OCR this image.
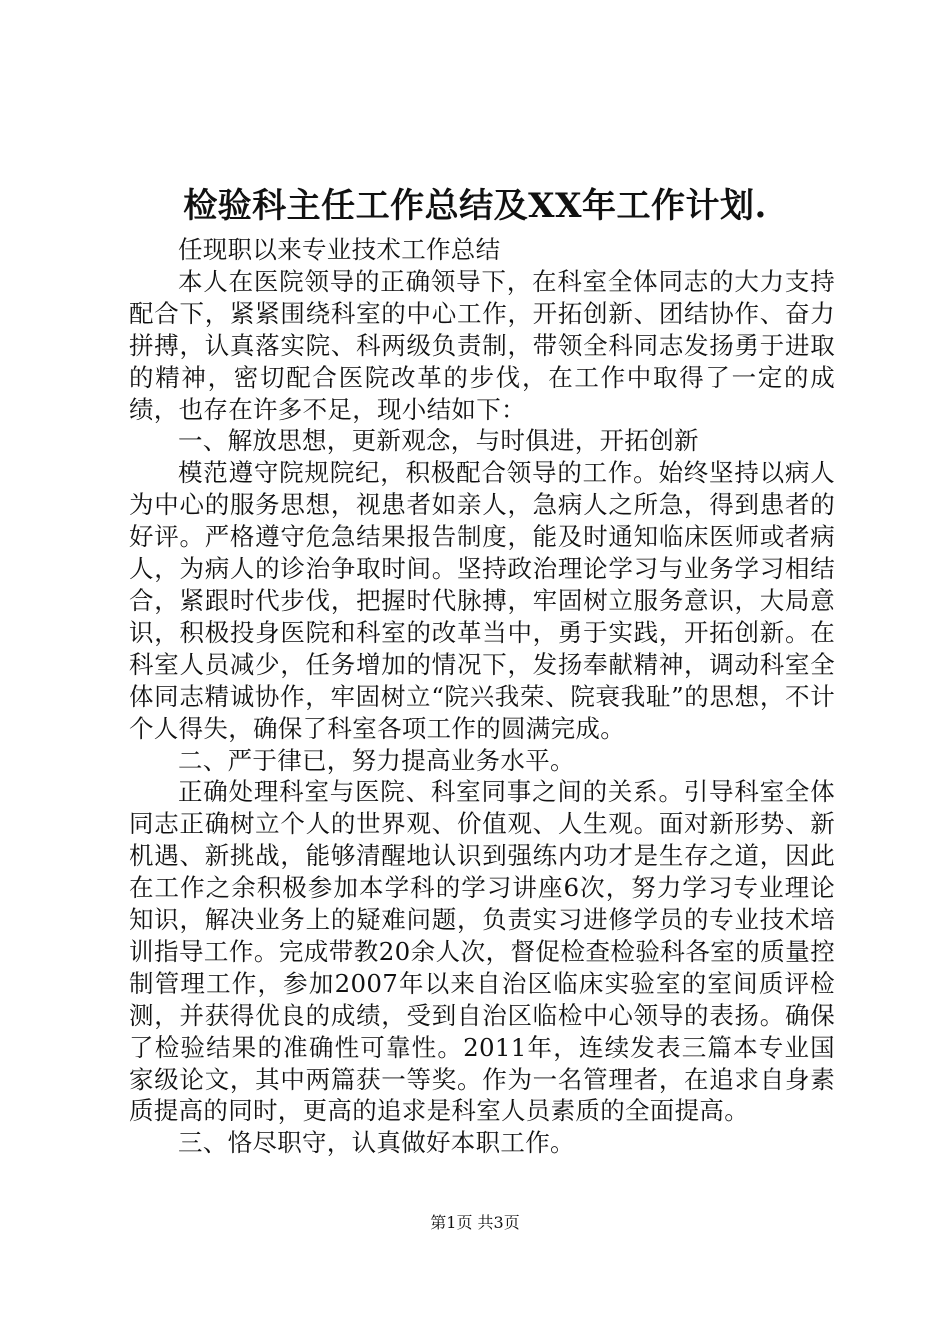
检验科主任工作总结及XX年工作计划.

任现职以来专业技术工作总结

本人在医院领导的正确领导下，在科室全体同志的大力支持配合下，紧紧围绕科室的中心工作，开拓创新、团结协作、奋力拼搏，认真落实院、科两级负责制，带领全科同志发扬勇于进取的精神，密切配合医院改革的步伐，在工作中取得了一定的成绩，也存在许多不足，现小结如下：

一、解放思想，更新观念，与时俱进，开拓创新

模范遵守院规院纪，积极配合领导的工作。始终坚持以病人为中心的服务思想，视患者如亲人，急病人之所急，得到患者的好评。严格遵守危急结果报告制度，能及时通知临床医师或者病人，为病人的诊治争取时间。坚持政治理论学习与业务学习相结合，紧跟时代步伐，把握时代脉搏，牢固树立服务意识，大局意识，积极投身医院和科室的改革当中，勇于实践，开拓创新。在科室人员减少，任务增加的情况下，发扬奉献精神，调动科室全体同志精诚协作，牢固树立“院兴我荣、院衰我耻”的思想，不计个人得失，确保了科室各项工作的圆满完成。

二、严于律已，努力提高业务水平。

正确处理科室与医院、科室同事之间的关系。引导科室全体同志正确树立个人的世界观、价值观、人生观。面对新形势、新机遇、新挑战，能够清醒地认识到强练内功才是生存之道，因此在工作之余积极参加本学科的学习讲座6次，努力学习专业理论知识，解决业务上的疑难问题，负责实习进修学员的专业技术培训指导工作。完成带教20余人次，督促检查检验科各室的质量控制管理工作，参加2007年以来自治区临床实验室的室间质评检测，并获得优良的成绩，受到自治区临检中心领导的表扬。确保了检验结果的准确性可靠性。2011年，连续发表三篇本专业国家级论文，其中两篇获一等奖。作为一名管理者，在追求自身素质提高的同时，更高的追求是科室人员素质的全面提高。

三、恪尽职守，认真做好本职工作。

第1页 共3页
